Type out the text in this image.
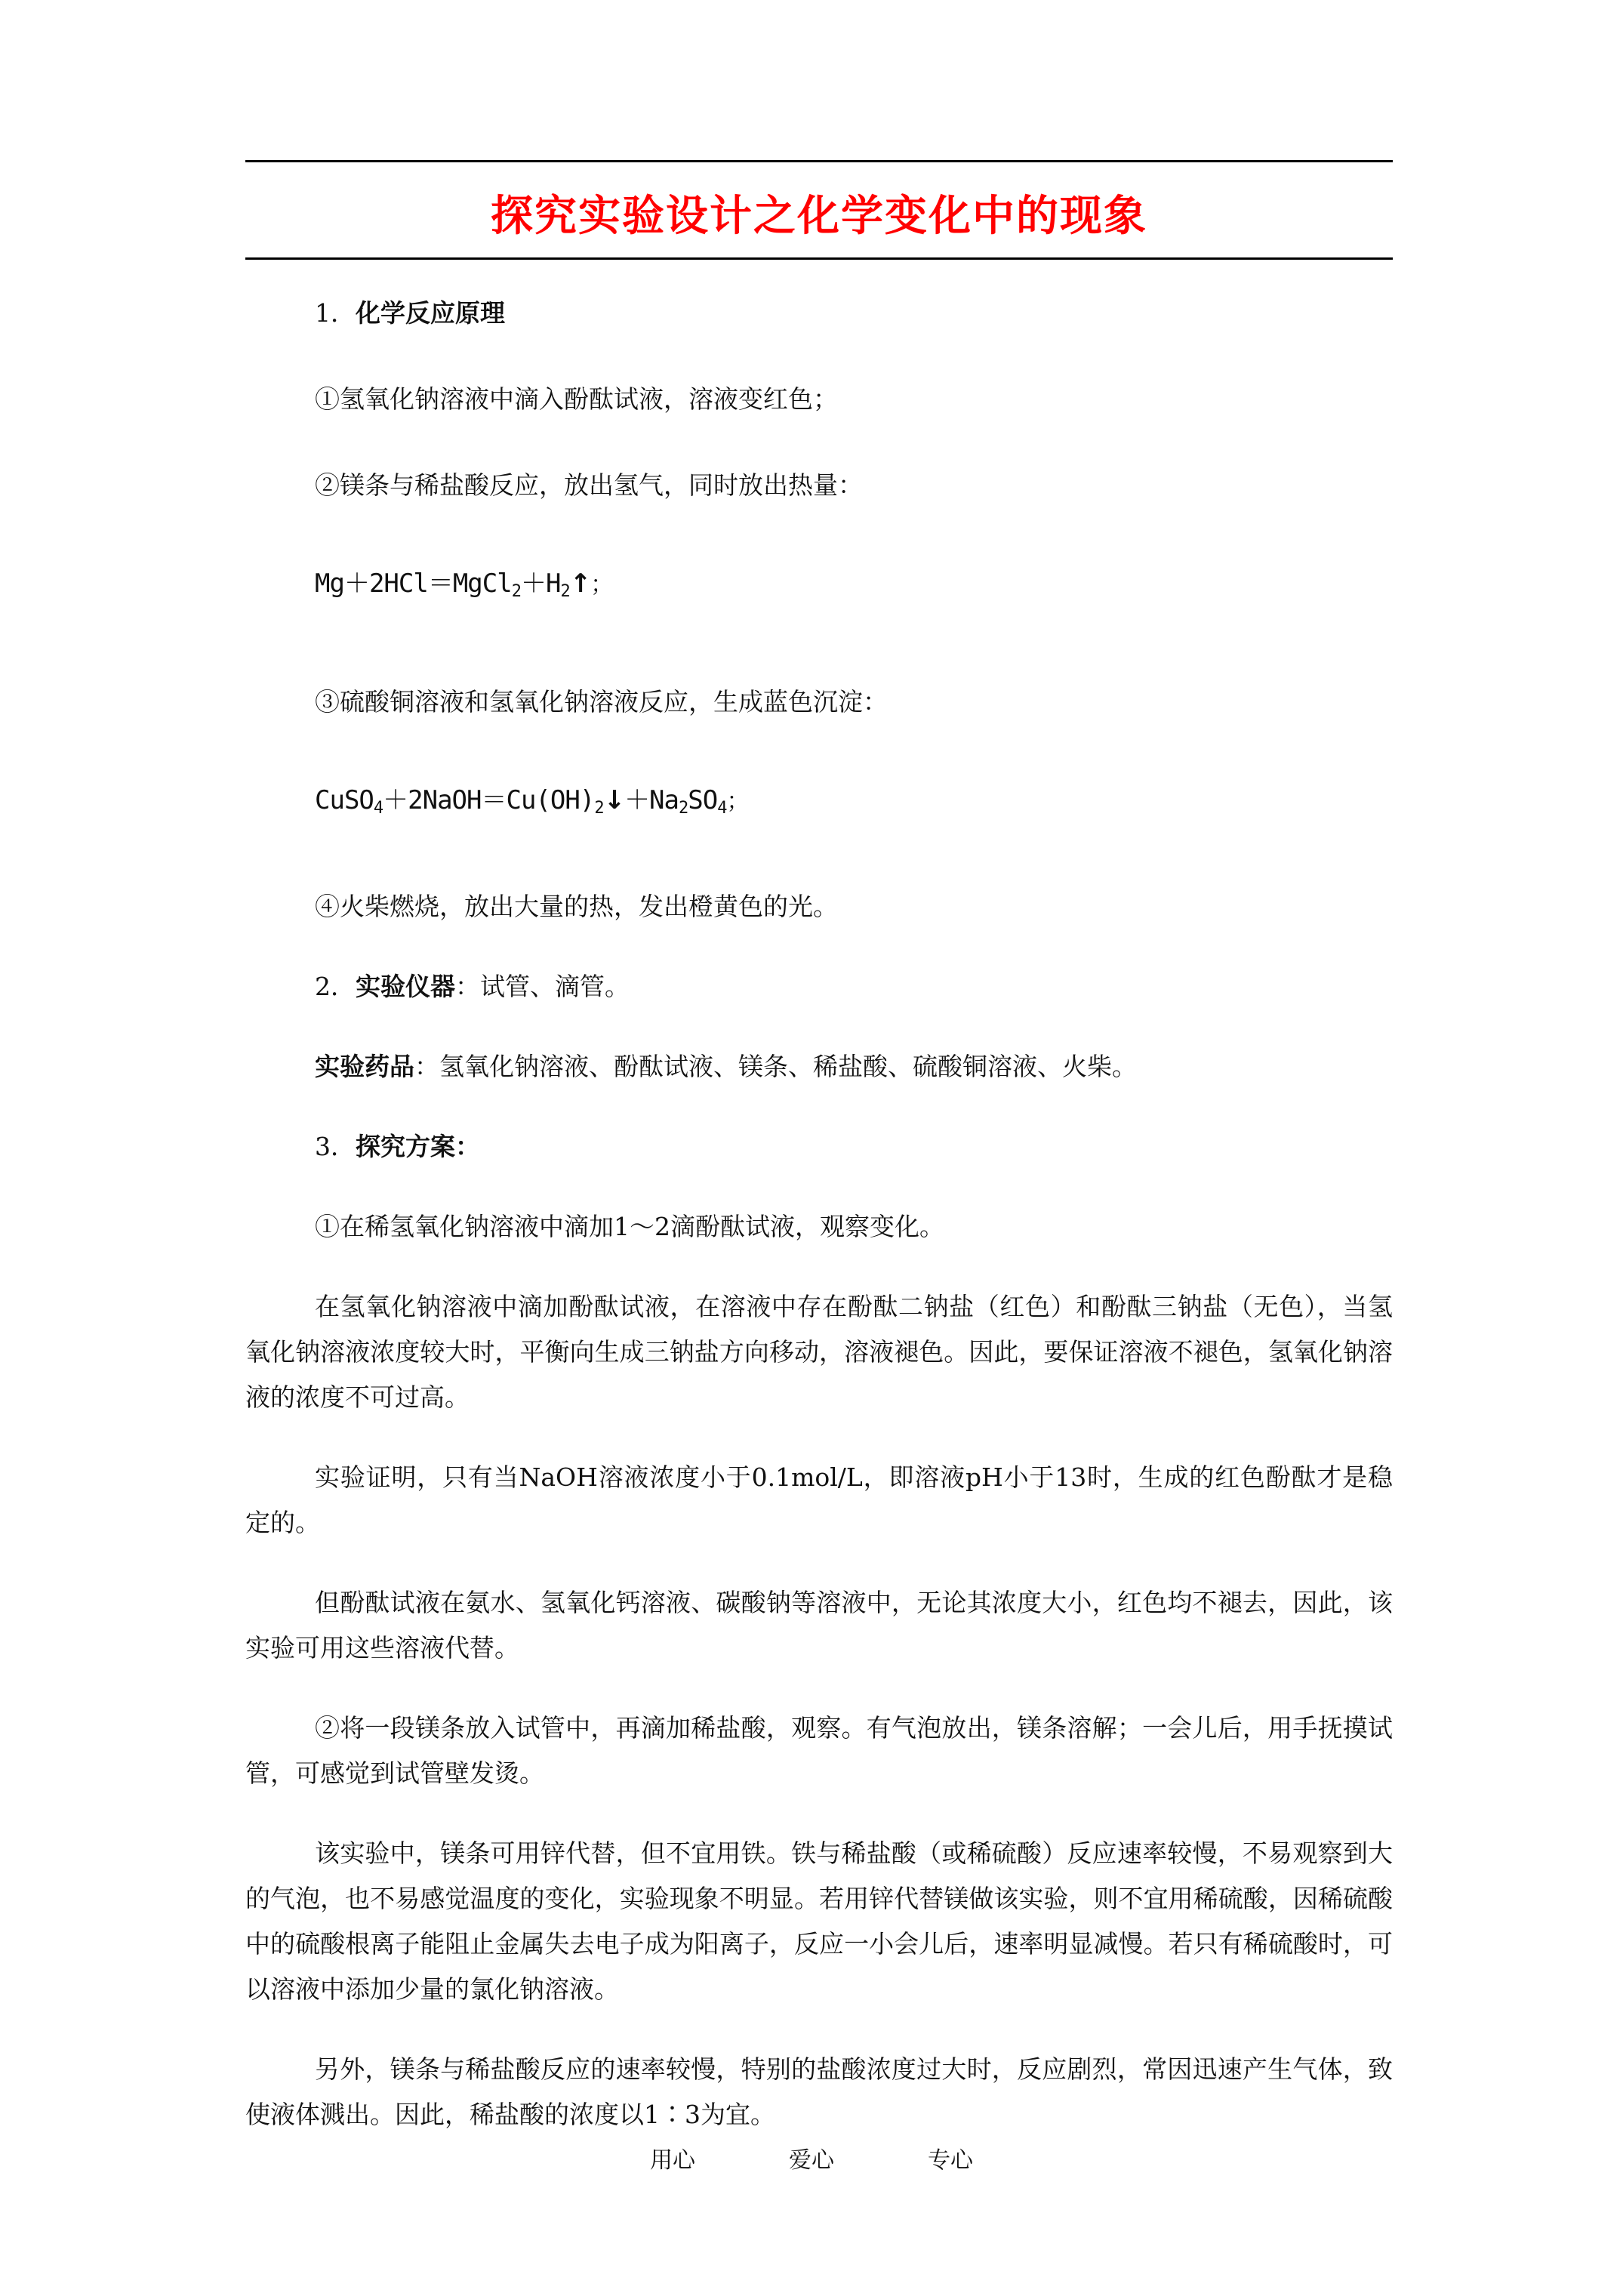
探究实验设计之化学变化中的现象

1．化学反应原理

①氢氧化钠溶液中滴入酚酞试液，溶液变红色；

②镁条与稀盐酸反应，放出氢气，同时放出热量：

$Mg+2HCl=MgCl_2+H_2↑$；

③硫酸铜溶液和氢氧化钠溶液反应，生成蓝色沉淀：

$CuSO_4+2NaOH=Cu(OH)_2↓+Na_2SO_4$；

④火柴燃烧，放出大量的热，发出橙黄色的光。

2．实验仪器：试管、滴管。

实验药品：氢氧化钠溶液、酚酞试液、镁条、稀盐酸、硫酸铜溶液、火柴。

3．探究方案：

①在稀氢氧化钠溶液中滴加1～2滴酚酞试液，观察变化。

在氢氧化钠溶液中滴加酚酞试液，在溶液中存在酚酞二钠盐（红色）和酚酞三钠盐（无色），当氢氧化钠溶液浓度较大时，平衡向生成三钠盐方向移动，溶液褪色。因此，要保证溶液不褪色，氢氧化钠溶液的浓度不可过高。

实验证明，只有当NaOH溶液浓度小于0.1mol/L，即溶液pH小于13时，生成的红色酚酞才是稳定的。

但酚酞试液在氨水、氢氧化钙溶液、碳酸钠等溶液中，无论其浓度大小，红色均不褪去，因此，该实验可用这些溶液代替。

②将一段镁条放入试管中，再滴加稀盐酸，观察。有气泡放出，镁条溶解；一会儿后，用手抚摸试管，可感觉到试管壁发烫。

该实验中，镁条可用锌代替，但不宜用铁。铁与稀盐酸（或稀硫酸）反应速率较慢，不易观察到大的气泡，也不易感觉温度的变化，实验现象不明显。若用锌代替镁做该实验，则不宜用稀硫酸，因稀硫酸中的硫酸根离子能阻止金属失去电子成为阳离子，反应一小会儿后，速率明显减慢。若只有稀硫酸时，可以溶液中添加少量的氯化钠溶液。

另外，镁条与稀盐酸反应的速率较慢，特别的盐酸浓度过大时，反应剧烈，常因迅速产生气体，致使液体溅出。因此，稀盐酸的浓度以1∶3为宜。

用心	爱心	专心
